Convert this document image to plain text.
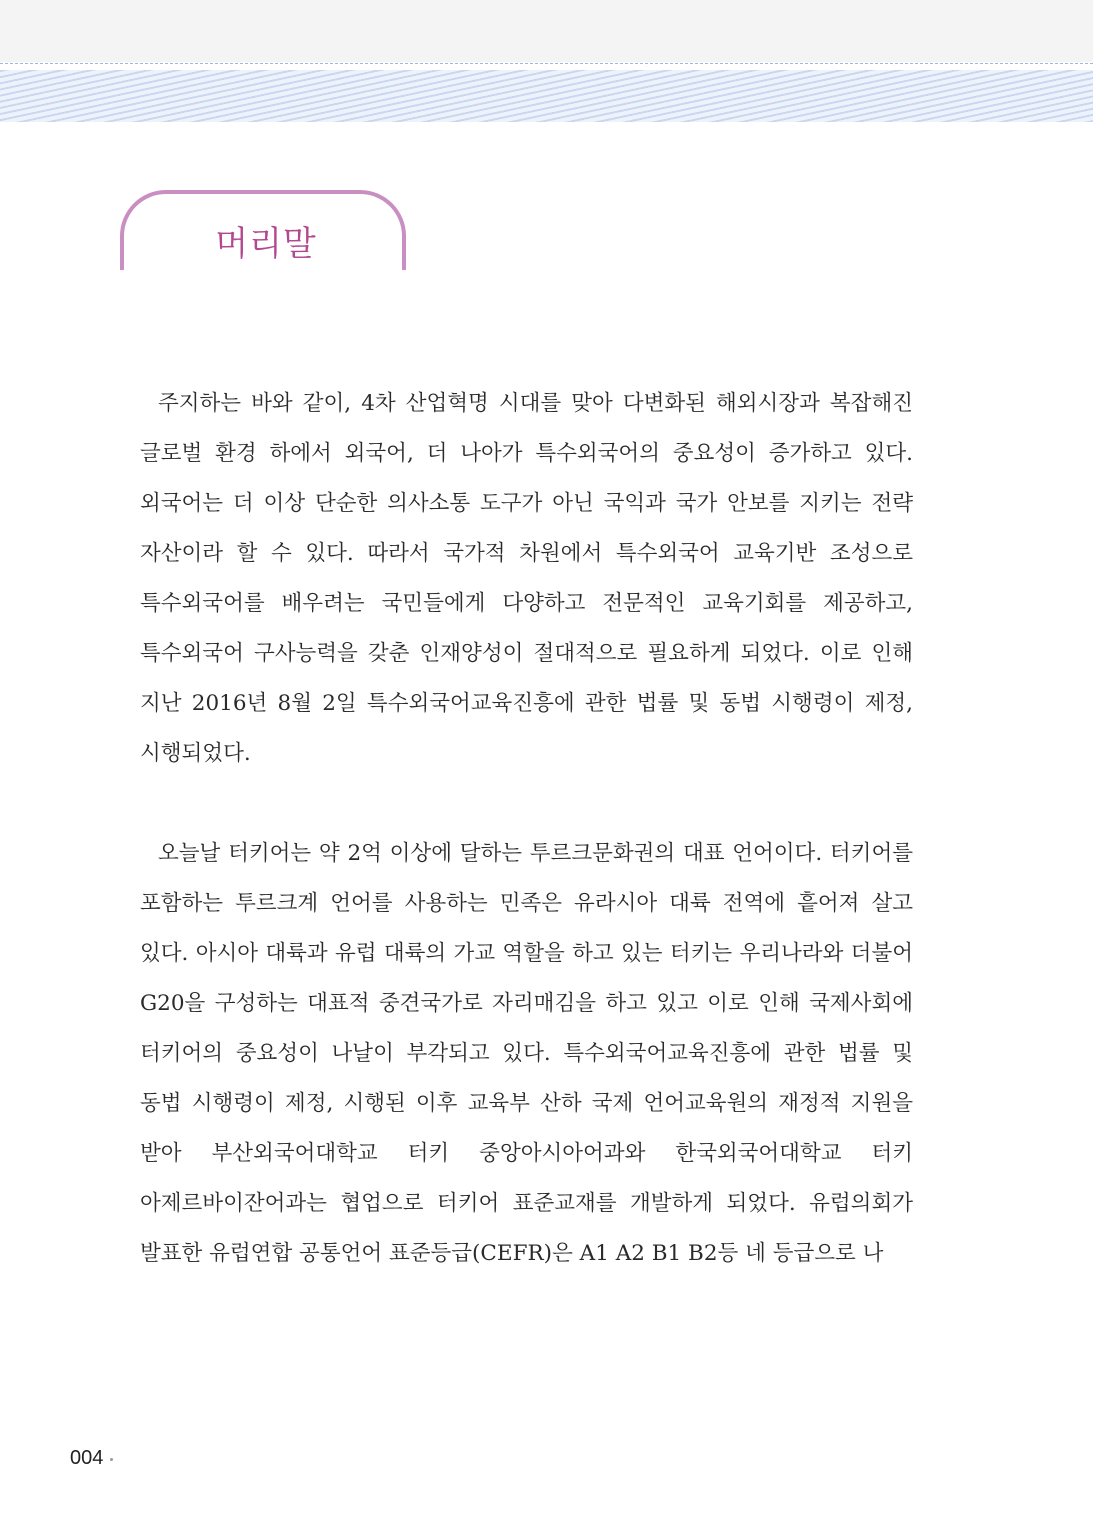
머리말

주지하는 바와 같이, 4차 산업혁명 시대를 맞아 다변화된 해외시장과 복잡해진 글로벌 환경 하에서 외국어, 더 나아가 특수외국어의 중요성이 증가하고 있다. 외국어는 더 이상 단순한 의사소통 도구가 아닌 국익과 국가 안보를 지키는 전략 자산이라 할 수 있다. 따라서 국가적 차원에서 특수외국어 교육기반 조성으로 특수외국어를 배우려는 국민들에게 다양하고 전문적인 교육기회를 제공하고, 특수외국어 구사능력을 갖춘 인재양성이 절대적으로 필요하게 되었다. 이로 인해 지난 2016년 8월 2일 특수외국어교육진흥에 관한 법률 및 동법 시행령이 제정, 시행되었다.

오늘날 터키어는 약 2억 이상에 달하는 투르크문화권의 대표 언어이다. 터키어를 포함하는 투르크계 언어를 사용하는 민족은 유라시아 대륙 전역에 흩어져 살고 있다. 아시아 대륙과 유럽 대륙의 가교 역할을 하고 있는 터키는 우리나라와 더불어 G20을 구성하는 대표적 중견국가로 자리매김을 하고 있고 이로 인해 국제사회에 터키어의 중요성이 나날이 부각되고 있다. 특수외국어교육진흥에 관한 법률 및 동법 시행령이 제정, 시행된 이후 교육부 산하 국제 언어교육원의 재정적 지원을 받아 부산외국어대학교 터키 중앙아시아어과와 한국외국어대학교 터키 아제르바이잔어과는 협업으로 터키어 표준교재를 개발하게 되었다. 유럽의회가 발표한 유럽연합 공통언어 표준등급(CEFR)은 A1 A2 B1 B2등 네 등급으로 나

004
